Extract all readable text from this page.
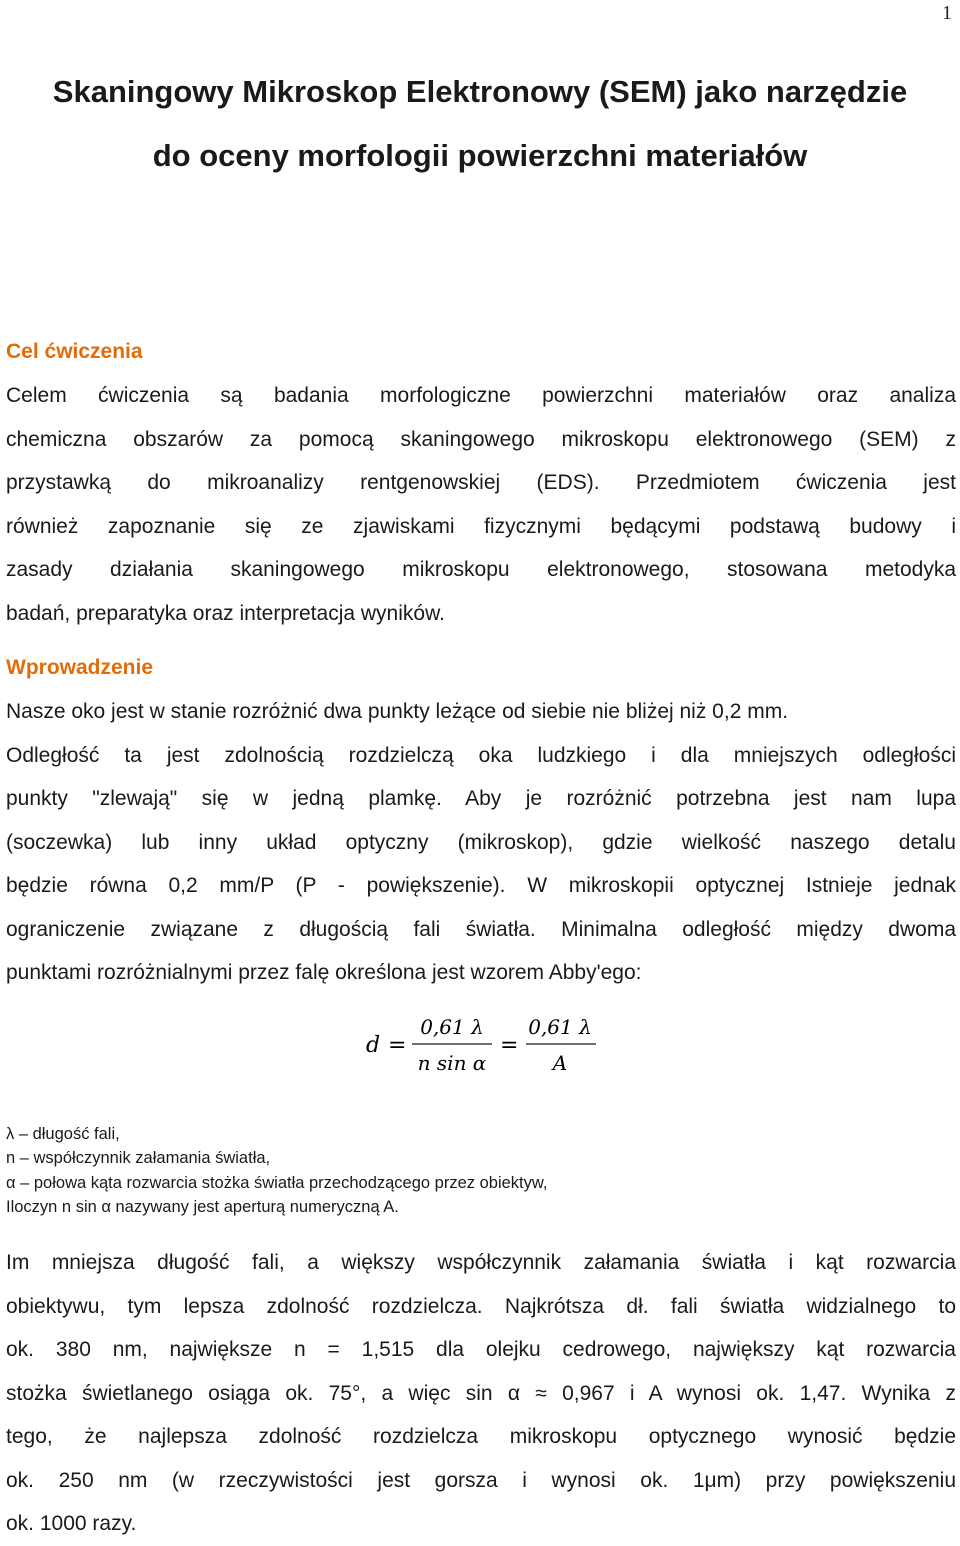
1
Skaningowy Mikroskop Elektronowy (SEM) jako narzędzie
do oceny morfologii powierzchni materiałów
Cel ćwiczenia
Celem ćwiczenia są badania morfologiczne powierzchni materiałów oraz analiza
chemiczna obszarów za pomocą skaningowego mikroskopu elektronowego (SEM) z
przystawką do mikroanalizy rentgenowskiej (EDS). Przedmiotem ćwiczenia jest
również zapoznanie się ze zjawiskami fizycznymi będącymi podstawą budowy i
zasady działania skaningowego mikroskopu elektronowego, stosowana metodyka
badań, preparatyka oraz interpretacja wyników.
Wprowadzenie
Nasze oko jest w stanie rozróżnić dwa punkty leżące od siebie nie bliżej niż 0,2 mm.
Odległość ta jest zdolnością rozdzielczą oka ludzkiego i dla mniejszych odległości
punkty "zlewają" się w jedną plamkę. Aby je rozróżnić potrzebna jest nam lupa
(soczewka) lub inny układ optyczny (mikroskop), gdzie wielkość naszego detalu
będzie równa 0,2 mm/P (P - powiększenie). W mikroskopii optycznej Istnieje jednak
ograniczenie związane z długością fali światła. Minimalna odległość między dwoma
punktami rozróżnialnymi przez falę określona jest wzorem Abby'ego:
d =
0,61 λ
n sin α
=
0,61 λ
A
λ – długość fali,
n – współczynnik załamania światła,
α – połowa kąta rozwarcia stożka światła przechodzącego przez obiektyw,
Iloczyn n sin α nazywany jest aperturą numeryczną A.
Im mniejsza długość fali, a większy współczynnik załamania światła i kąt rozwarcia
obiektywu, tym lepsza zdolność rozdzielcza. Najkrótsza dł. fali światła widzialnego to
ok. 380 nm, największe n = 1,515 dla olejku cedrowego, największy kąt rozwarcia
stożka świetlanego osiąga ok. 75°, a więc sin α ≈ 0,967 i A wynosi ok. 1,47. Wynika z
tego, że najlepsza zdolność rozdzielcza mikroskopu optycznego wynosić będzie
ok. 250 nm (w rzeczywistości jest gorsza i wynosi ok. 1μm) przy powiększeniu
ok. 1000 razy.
